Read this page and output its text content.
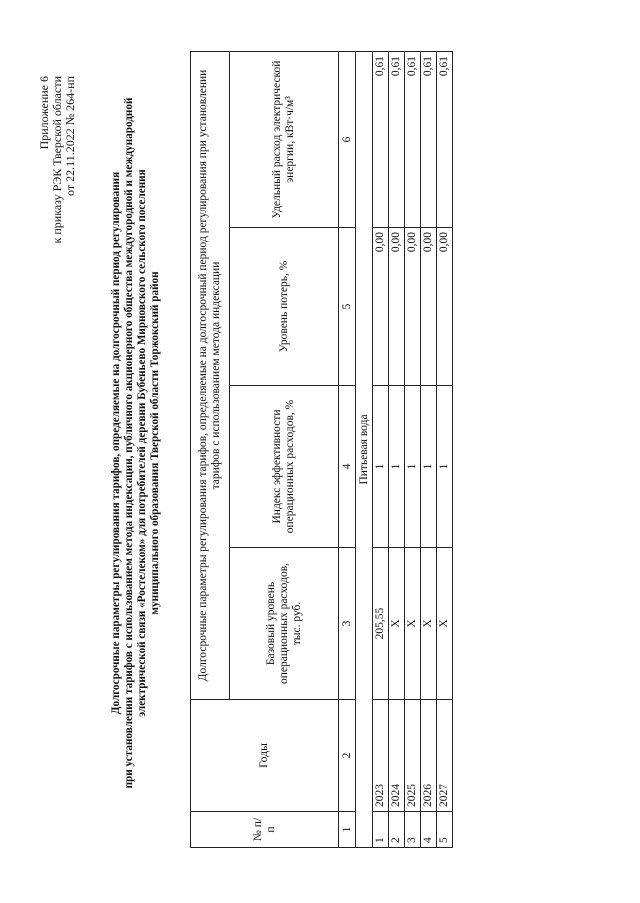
Приложение 6 к приказу РЭК Тверской области от 22.11.2022 № 264-нп
Долгосрочные параметры регулирования тарифов, определяемые на долгосрочный период регулирования при установлении тарифов с использованием метода индексации, публичного акционерного общества междугородной и международной электрической связи «Ростелеком» для потребителей деревни Бубеньево Мирновского сельского поселения муниципального образования Тверской области Торжокский район
№ п/п	Годы	Долгосрочные параметры регулирования тарифов, определяемые на долгосрочный период регулирования при установлении тарифов с использованием метода индексации			
		Базовый уровень операционных расходов, тыс. руб.	Индекс эффективности операционных расходов, %	Уровень потерь, %	Удельный расход электрической энергии, кВт·ч/м³
1	2	3	4	5	6
Питьевая вода					
1	2023	205,55	1	0,00	0,61
2	2024	Х	1	0,00	0,61
3	2025	Х	1	0,00	0,61
4	2026	Х	1	0,00	0,61
5	2027	Х	1	0,00	0,61
